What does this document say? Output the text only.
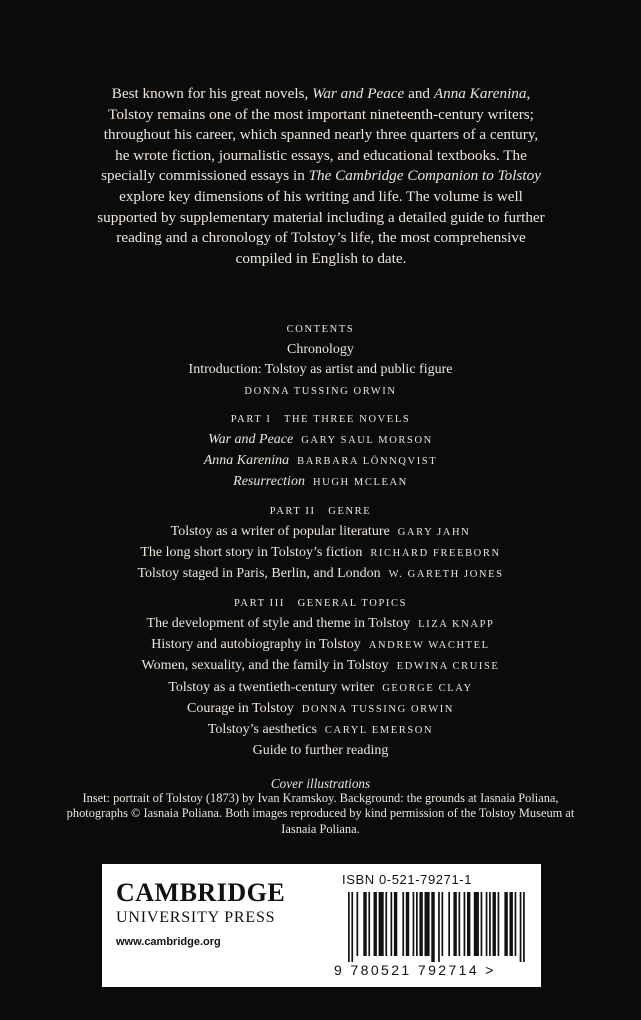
Best known for his great novels, War and Peace and Anna Karenina, Tolstoy remains one of the most important nineteenth-century writers; throughout his career, which spanned nearly three quarters of a century, he wrote fiction, journalistic essays, and educational textbooks. The specially commissioned essays in The Cambridge Companion to Tolstoy explore key dimensions of his writing and life. The volume is well supported by supplementary material including a detailed guide to further reading and a chronology of Tolstoy’s life, the most comprehensive compiled in English to date.

CONTENTS

Chronology

Introduction: Tolstoy as artist and public figure

DONNA TUSSING ORWIN

PART I   THE THREE NOVELS

War and Peace GARY SAUL MORSON

Anna Karenina BARBARA LÖNNQVIST

Resurrection HUGH MCLEAN

PART II   GENRE

Tolstoy as a writer of popular literature GARY JAHN

The long short story in Tolstoy’s fiction RICHARD FREEBORN

Tolstoy staged in Paris, Berlin, and London W. GARETH JONES

PART III   GENERAL TOPICS

The development of style and theme in Tolstoy LIZA KNAPP

History and autobiography in Tolstoy ANDREW WACHTEL

Women, sexuality, and the family in Tolstoy EDWINA CRUISE

Tolstoy as a twentieth-century writer GEORGE CLAY

Courage in Tolstoy DONNA TUSSING ORWIN

Tolstoy’s aesthetics CARYL EMERSON

Guide to further reading

Cover illustrations

Inset: portrait of Tolstoy (1873) by Ivan Kramskoy. Background: the grounds at Iasnaia Poliana, photographs © Iasnaia Poliana. Both images reproduced by kind permission of the Tolstoy Museum at Iasnaia Poliana.

CAMBRIDGE
UNIVERSITY PRESS
www.cambridge.org
ISBN 0-521-79271-1
9 780521 792714 >
